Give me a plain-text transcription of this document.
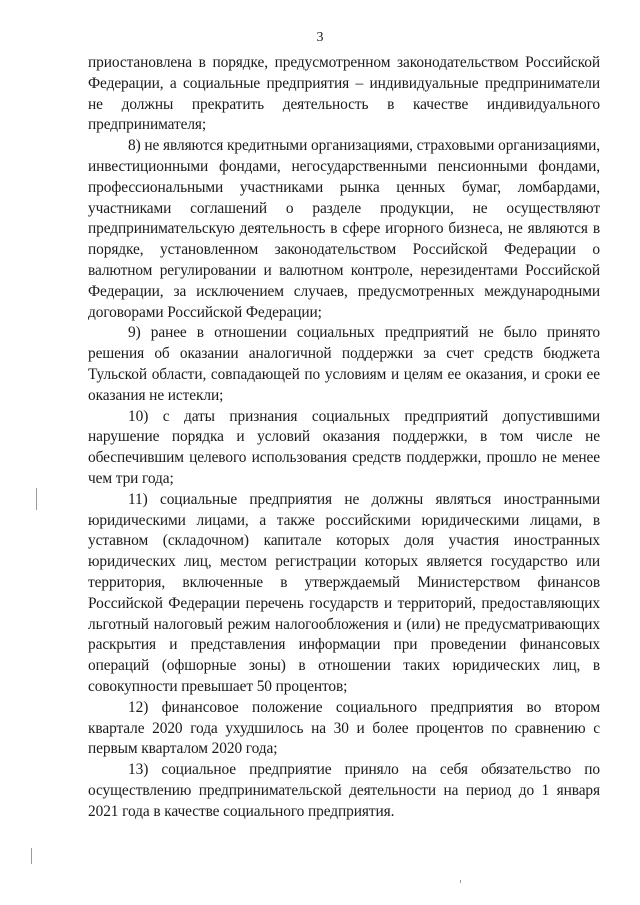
3

приостановлена в порядке, предусмотренном законодательством Российской Федерации, а социальные предприятия – индивидуальные предприниматели не должны прекратить деятельность в качестве индивидуального предпринимателя;

8) не являются кредитными организациями, страховыми организациями, инвестиционными фондами, негосударственными пенсионными фондами, профессиональными участниками рынка ценных бумаг, ломбардами, участниками соглашений о разделе продукции, не осуществляют предпринимательскую деятельность в сфере игорного бизнеса, не являются в порядке, установленном законодательством Российской Федерации о валютном регулировании и валютном контроле, нерезидентами Российской Федерации, за исключением случаев, предусмотренных международными договорами Российской Федерации;

9) ранее в отношении социальных предприятий не было принято решения об оказании аналогичной поддержки за счет средств бюджета Тульской области, совпадающей по условиям и целям ее оказания, и сроки ее оказания не истекли;

10) с даты признания социальных предприятий допустившими нарушение порядка и условий оказания поддержки, в том числе не обеспечившим целевого использования средств поддержки, прошло не менее чем три года;

11) социальные предприятия не должны являться иностранными юридическими лицами, а также российскими юридическими лицами, в уставном (складочном) капитале которых доля участия иностранных юридических лиц, местом регистрации которых является государство или территория, включенные в утверждаемый Министерством финансов Российской Федерации перечень государств и территорий, предоставляющих льготный налоговый режим налогообложения и (или) не предусматривающих раскрытия и представления информации при проведении финансовых операций (офшорные зоны) в отношении таких юридических лиц, в совокупности превышает 50 процентов;

12) финансовое положение социального предприятия во втором квартале 2020 года ухудшилось на 30 и более процентов по сравнению с первым кварталом 2020 года;

13) социальное предприятие приняло на себя обязательство по осуществлению предпринимательской деятельности на период до 1 января 2021 года в качестве социального предприятия.
